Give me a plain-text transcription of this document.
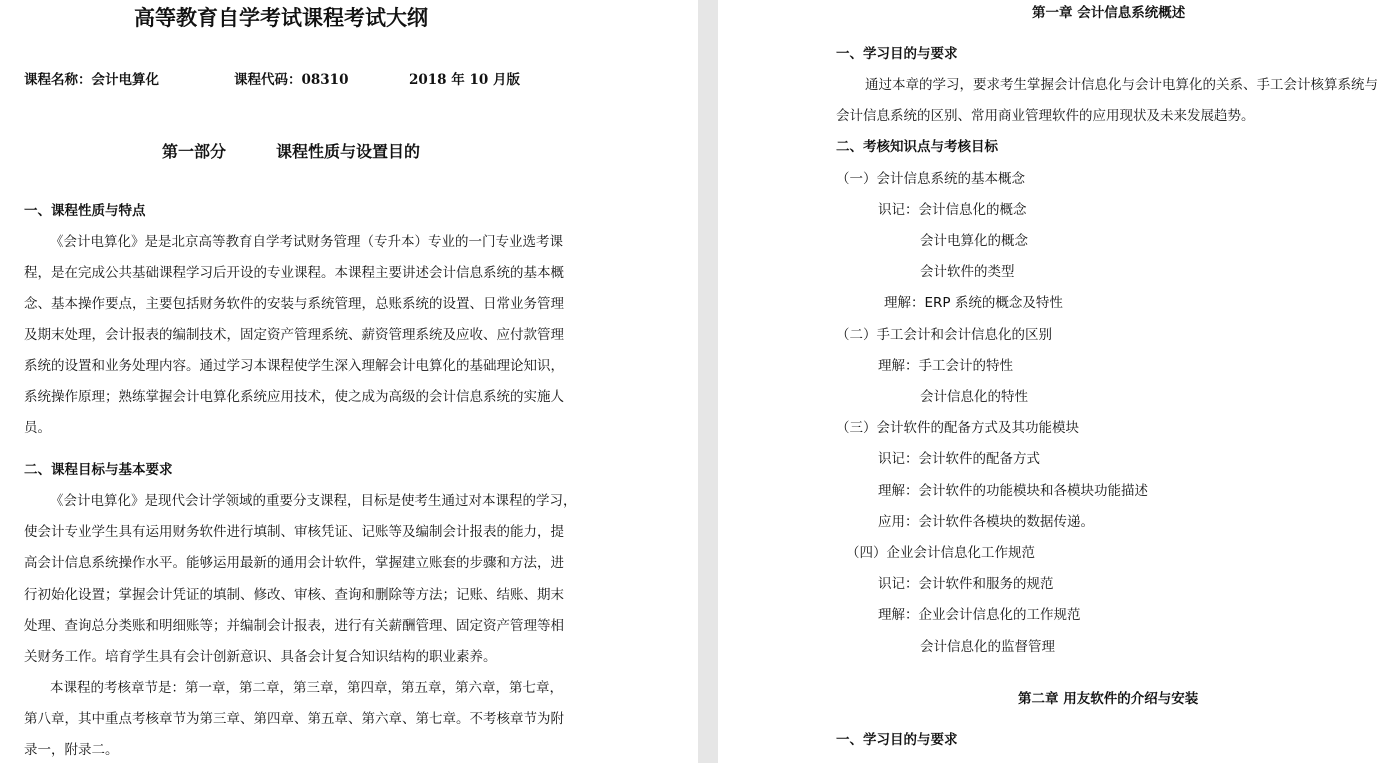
高等教育自学考试课程考试大纲
课程名称：会计电算化	课程代码：08310	2018 年 10 月版
第一部分	课程性质与设置目的
一、课程性质与特点
《会计电算化》是是北京高等教育自学考试财务管理（专升本）专业的一门专业选考课
程，是在完成公共基础课程学习后开设的专业课程。本课程主要讲述会计信息系统的基本概
念、基本操作要点，主要包括财务软件的安装与系统管理，总账系统的设置、日常业务管理
及期末处理，会计报表的编制技术，固定资产管理系统、薪资管理系统及应收、应付款管理
系统的设置和业务处理内容。通过学习本课程使学生深入理解会计电算化的基础理论知识，
系统操作原理；熟练掌握会计电算化系统应用技术，使之成为高级的会计信息系统的实施人
员。
二、课程目标与基本要求
《会计电算化》是现代会计学领域的重要分支课程，目标是使考生通过对本课程的学习，
使会计专业学生具有运用财务软件进行填制、审核凭证、记账等及编制会计报表的能力，提
高会计信息系统操作水平。能够运用最新的通用会计软件，掌握建立账套的步骤和方法，进
行初始化设置；掌握会计凭证的填制、修改、审核、查询和删除等方法；记账、结账、期末
处理、查询总分类账和明细账等；并编制会计报表，进行有关薪酬管理、固定资产管理等相
关财务工作。培育学生具有会计创新意识、具备会计复合知识结构的职业素养。
本课程的考核章节是：第一章，第二章，第三章，第四章，第五章，第六章，第七章，
第八章，其中重点考核章节为第三章、第四章、第五章、第六章、第七章。不考核章节为附
录一，附录二。
第一章 会计信息系统概述
一、学习目的与要求
通过本章的学习，要求考生掌握会计信息化与会计电算化的关系、手工会计核算系统与
会计信息系统的区别、常用商业管理软件的应用现状及未来发展趋势。
二、考核知识点与考核目标
（一）会计信息系统的基本概念
识记：会计信息化的概念
会计电算化的概念
会计软件的类型
理解：ERP 系统的概念及特性
（二）手工会计和会计信息化的区别
理解：手工会计的特性
会计信息化的特性
（三）会计软件的配备方式及其功能模块
识记：会计软件的配备方式
理解：会计软件的功能模块和各模块功能描述
应用：会计软件各模块的数据传递。
（四）企业会计信息化工作规范
识记：会计软件和服务的规范
理解：企业会计信息化的工作规范
会计信息化的监督管理
第二章 用友软件的介绍与安装
一、学习目的与要求
